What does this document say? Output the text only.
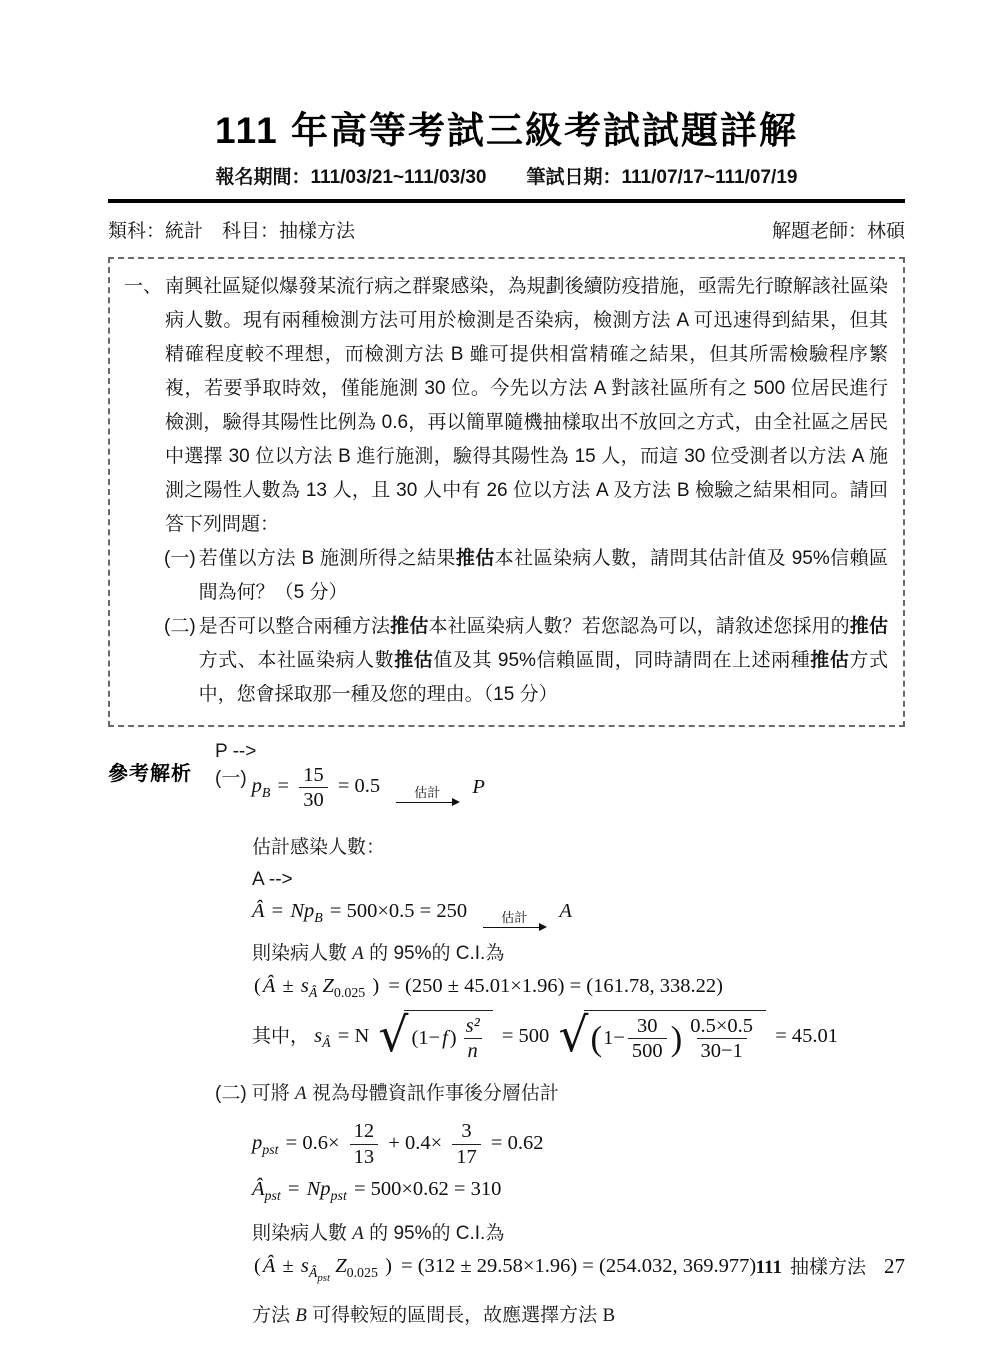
111 年高等考試三級考試試題詳解
報名期間：111/03/21~111/03/30 筆試日期：111/07/17~111/07/19
類科：統計　科目：抽樣方法	解題老師：林碩
一、 南興社區疑似爆發某流行病之群聚感染，為規劃後續防疫措施，亟需先行瞭解該社區染病人數。現有兩種檢測方法可用於檢測是否染病，檢測方法 A 可迅速得到結果，但其精確程度較不理想，而檢測方法 B 雖可提供相當精確之結果，但其所需檢驗程序繁複，若要爭取時效，僅能施測 30 位。今先以方法 A 對該社區所有之 500 位居民進行檢測，驗得其陽性比例為 0.6，再以簡單隨機抽樣取出不放回之方式，由全社區之居民中選擇 30 位以方法 B 進行施測，驗得其陽性為 15 人，而這 30 位受測者以方法 A 施測之陽性人數為 13 人，且 30 人中有 26 位以方法 A 及方法 B 檢驗之結果相同。請回答下列問題：
(一) 若僅以方法 B 施測所得之結果推估本社區染病人數，請問其估計值及 95%信賴區間為何？（5 分）
(二) 是否可以整合兩種方法推估本社區染病人數？若您認為可以，請敘述您採用的推估方式、本社區染病人數推估值及其 95%信賴區間，同時請問在上述兩種推估方式中，您會採取那一種及您的理由。（15 分）
參考解析
P -->
(一) $p_B = \frac{15}{30} = 0.5$	估計 P
估計感染人數：
A -->
Â = $Np_B = 500\times 0.5 = 250$	估計 A
則染病人數 A 的 95%的 C.I.為
(Â ± $s_Â$ $Z_{0.025}$ ) = (250 ± 45.01×1.96) = (161.78, 338.22)
其中， $s_Â = N$ √ $(1-f) \frac{\text{s²}}{n} = 500$ √ ($1- \frac{30}{500}$ ) $\frac{0.5\times 0.5}{30-1} = 45.01$
(二) 可將 A 視為母體資訊作事後分層估計
$p_{pst} = 0.6\times \frac{12}{13} + 0.4\times \frac{3}{17} = 0.62$
$Â_{pst} = Np_{pst} = 500\times 0.62 = 310$
則染病人數 A 的 95%的 C.I.為
(Â ± $s_{Â_{pst}}$ $Z_{0.025}$ ) = (312 ± 29.58×1.96) = (254.032, 369.977)
方法 B 可得較短的區間長，故應選擇方法 B
111 抽樣方法 27
